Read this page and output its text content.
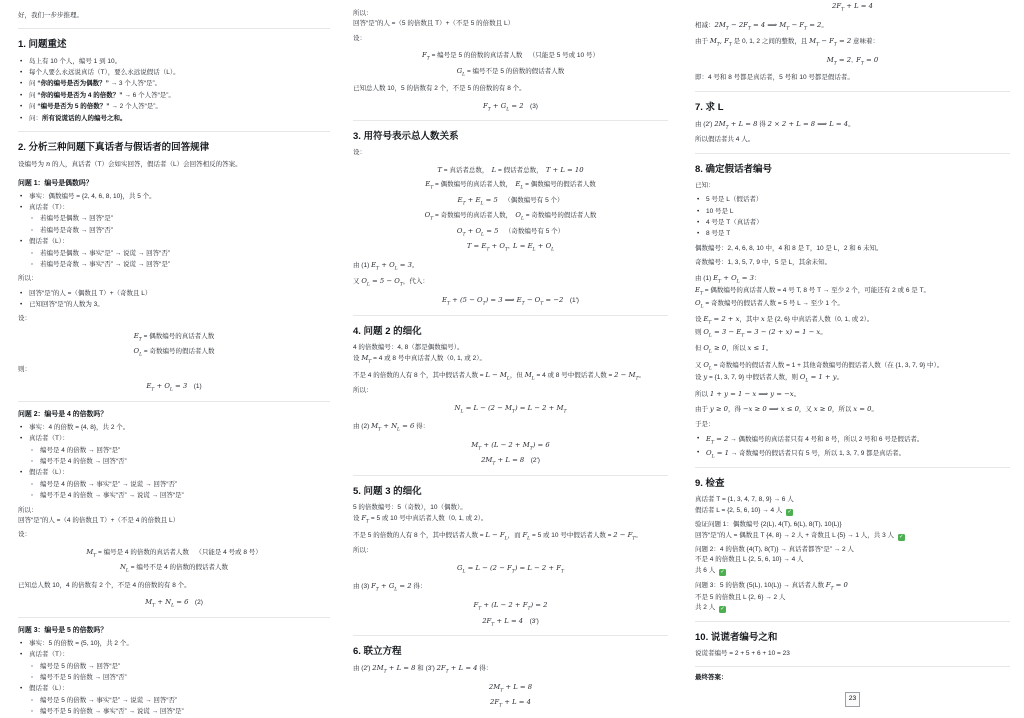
好，我们一步步推理。
1. 问题重述
• 岛上有 10 个人，编号 1 到 10。
• 每个人要么永远说真话（T），要么永远说假话（L）。
• 问 “你的编号是否为偶数？” → 3 个人答“是”。
• 问 “你的编号是否为 4 的倍数？” → 6 个人答“是”。
• 问 “编号是否为 5 的倍数？” → 2 个人答“是”。
• 问：所有说谎话的人的编号之和。
2. 分析三种问题下真话者与假话者的回答规律
设编号为 n 的人，真话者（T）会如实回答，假话者（L）会回答相反的答案。
问题 1：编号是偶数吗？
• 事实：偶数编号 = {2, 4, 6, 8, 10}，共 5 个。
• 真话者（T）：
◦ 若编号是偶数 → 回答“是”
◦ 若编号是奇数 → 回答“否”
• 假话者（L）：
◦ 若编号是偶数 → 事实“是” → 说谎 → 回答“否”
◦ 若编号是奇数 → 事实“否” → 说谎 → 回答“是”
所以：
• 回答“是”的人 =（偶数且 T）+（奇数且 L）
• 已知回答“是”的人数为 3。
设：
$E_T$ = 偶数编号的真话者人数
$O_L$ = 奇数编号的假话者人数
则：
$E_T + O_L = 3$ (1)
问题 2：编号是 4 的倍数吗？
• 事实：4 的倍数 = {4, 8}，共 2 个。
• 真话者（T）：
◦ 编号是 4 的倍数 → 回答“是”
◦ 编号不是 4 的倍数 → 回答“否”
• 假话者（L）：
◦ 编号是 4 的倍数 → 事实“是” → 说谎 → 回答“否”
◦ 编号不是 4 的倍数 → 事实“否” → 说谎 → 回答“是”
所以：
回答“是”的人 =（4 的倍数且 T）+（不是 4 的倍数且 L）
设：
$M_T$ = 编号是 4 的倍数的真话者人数 （只能是 4 号或 8 号）
$N_L$ = 编号不是 4 的倍数的假话者人数
已知总人数 10，4 的倍数有 2 个，不是 4 的倍数的有 8 个。
$M_T + N_L = 6$ (2)
问题 3：编号是 5 的倍数吗？
• 事实：5 的倍数 = {5, 10}，共 2 个。
• 真话者（T）：
◦ 编号是 5 的倍数 → 回答“是”
◦ 编号不是 5 的倍数 → 回答“否”
• 假话者（L）：
◦ 编号是 5 的倍数 → 事实“是” → 说谎 → 回答“否”
◦ 编号不是 5 的倍数 → 事实“否” → 说谎 → 回答“是”
所以：
回答“是”的人 =（5 的倍数且 T）+（不是 5 的倍数且 L）
设：
$F_T$ = 编号是 5 的倍数的真话者人数 （只能是 5 号或 10 号）
$G_L$ = 编号不是 5 的倍数的假话者人数
已知总人数 10，5 的倍数有 2 个，不是 5 的倍数的有 8 个。
$F_T + G_L = 2$ (3)
3. 用符号表示总人数关系
设：
T = 真话者总数， L = 假话者总数， T + L = 10
$E_T$ = 偶数编号的真话者人数， $E_L$ = 偶数编号的假话者人数
$E_T + E_L = 5$ （偶数编号有 5 个）
$O_T$ = 奇数编号的真话者人数， $O_L$ = 奇数编号的假话者人数
$O_T + O_L = 5$ （奇数编号有 5 个）
$T = E_T + O_T$, $L = E_L + O_L$
由 (1) $E_T + O_L = 3$。
又 $O_L = 5 - O_T$，代入：
$E_T + (5 - O_T) = 3$ ⟹ $E_T - O_T = -2$ (1′)
4. 问题 2 的细化
4 的倍数编号：4, 8（都是偶数编号）。
设 $M_T = 4$ 或 8 号中真话者人数（0, 1, 或 2）。
不是 4 的倍数的人有 8 个，其中假话者人数 = $L - M_L$，但 $M_L = 4$ 或 8 号中假话者人数 = $2 - M_T$。
所以：
$N_L = L - (2 - M_T) = L - 2 + M_T$
由 (2) $M_T + N_L = 6$ 得：
$M_T + (L - 2 + M_T) = 6$
$2M_T + L = 8$ (2′)
5. 问题 3 的细化
5 的倍数编号：5（奇数），10（偶数）。
设 $F_T = 5$ 或 10 号中真话者人数（0, 1, 或 2）。
不是 5 的倍数的人有 8 个，其中假话者人数 = $L - F_L$，而 $F_L = 5$ 或 10 号中假话者人数 = $2 - F_T$。
所以：
$G_L = L - (2 - F_T) = L - 2 + F_T$
由 (3) $F_T + G_L = 2$ 得：
$F_T + (L - 2 + F_T) = 2$
$2F_T + L = 4$ (3′)
6. 联立方程
由 (2′) $2M_T + L = 8$ 和 (3′) $2F_T + L = 4$ 得：
$2M_T + L = 8$
$2F_T + L = 4$
$2F_T + L = 4$
相减：$2M_T - 2F_T = 4$ ⟹ $M_T - F_T = 2$。
由于 $M_T$, $F_T$ 是 0, 1, 2 之间的整数，且 $M_T - F_T = 2$ 意味着：
$M_T = 2$, $F_T = 0$
即：4 号和 8 号都是真话者，5 号和 10 号都是假话者。
7. 求 L
由 (2′) $2M_T + L = 8$ 得 2 × 2 + L = 8 ⟹ L = 4。
所以假话者共 4 人。
8. 确定假话者编号
已知：
• 5 号是 L（假话者）
• 10 号是 L
• 4 号是 T（真话者）
• 8 号是 T
偶数编号：2, 4, 6, 8, 10 中，4 和 8 是 T，10 是 L，2 和 6 未知。
奇数编号：1, 3, 5, 7, 9 中，5 是 L，其余未知。
由 (1) $E_T + O_L = 3$：
$E_T$ = 偶数编号的真话者人数 = 4 号 T, 8 号 T → 至少 2 个，可能还有 2 或 6 是 T。
$O_L$ = 奇数编号的假话者人数 = 5 号 L → 至少 1 个。
设 $E_T = 2 + x$，其中 x 是 {2, 6} 中真话者人数（0, 1, 或 2）。
则 $O_L = 3 - E_T = 3 - (2 + x) = 1 - x$。
但 $O_L \ge 0$，所以 x ≤ 1。
又 $O_L$ = 奇数编号的假话者人数 = 1 + 其他奇数编号的假话者人数（在 {1, 3, 7, 9} 中）。
设 y = {1, 3, 7, 9} 中假话者人数，则 $O_L = 1 + y$。
所以 1 + y = 1 − x ⟹ y = −x。
由于 y ≥ 0，得 −x ≥ 0 ⟹ x ≤ 0，又 x ≥ 0，所以 x = 0。
于是：
• $E_T = 2$ → 偶数编号的真话者只有 4 号和 8 号，所以 2 号和 6 号是假话者。
• $O_L = 1$ → 奇数编号的假话者只有 5 号，所以 1, 3, 7, 9 都是真话者。
9. 检查
真话者 T = {1, 3, 4, 7, 8, 9} → 6 人
假话者 L = {2, 5, 6, 10} → 4 人 ✓
验证问题 1：偶数编号 {2(L), 4(T), 6(L), 8(T), 10(L)}
回答“是”的人 = 偶数且 T {4, 8} → 2 人 + 奇数且 L {5} → 1 人，共 3 人 ✓
问题 2：4 的倍数 {4(T), 8(T)} → 真话者都答“是” → 2 人
不是 4 的倍数且 L {2, 5, 6, 10} → 4 人
共 6 人 ✓
问题 3：5 的倍数 {5(L), 10(L)} → 真话者人数 $F_T = 0$
不是 5 的倍数且 L {2, 6} → 2 人
共 2 人 ✓
10. 说谎者编号之和
说谎者编号 = 2 + 5 + 6 + 10 = 23
最终答案：
23
